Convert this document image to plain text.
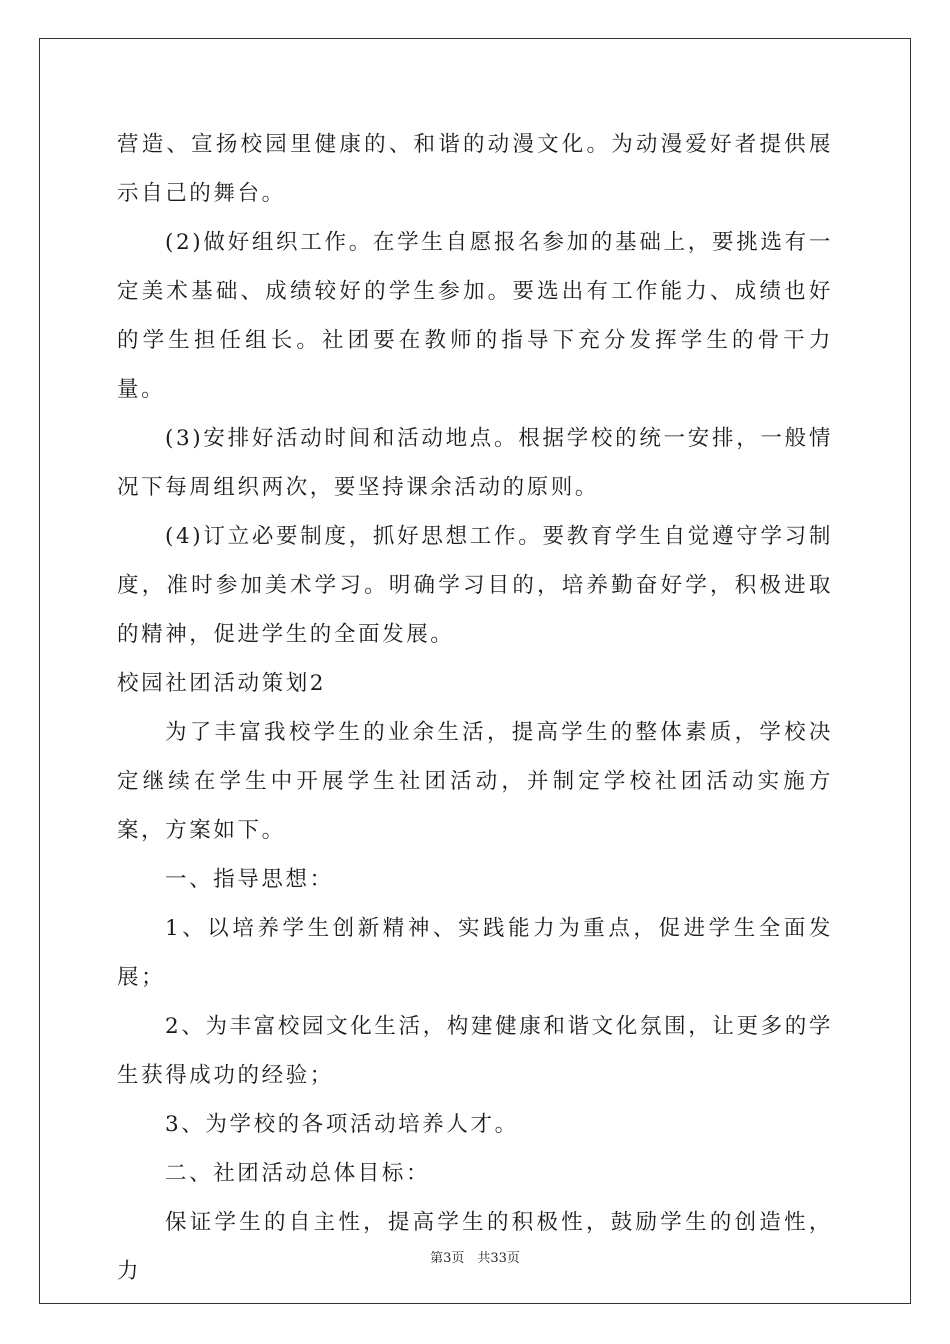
营造、宣扬校园里健康的、和谐的动漫文化。为动漫爱好者提供展示自己的舞台。

(2)做好组织工作。在学生自愿报名参加的基础上，要挑选有一定美术基础、成绩较好的学生参加。要选出有工作能力、成绩也好的学生担任组长。社团要在教师的指导下充分发挥学生的骨干力量。

(3)安排好活动时间和活动地点。根据学校的统一安排，一般情况下每周组织两次，要坚持课余活动的原则。

(4)订立必要制度，抓好思想工作。要教育学生自觉遵守学习制度，准时参加美术学习。明确学习目的，培养勤奋好学，积极进取的精神，促进学生的全面发展。

校园社团活动策划2

为了丰富我校学生的业余生活，提高学生的整体素质，学校决定继续在学生中开展学生社团活动，并制定学校社团活动实施方案，方案如下。

一、指导思想：

1、以培养学生创新精神、实践能力为重点，促进学生全面发展；

2、为丰富校园文化生活，构建健康和谐文化氛围，让更多的学生获得成功的经验；

3、为学校的各项活动培养人才。

二、社团活动总体目标：

保证学生的自主性，提高学生的积极性，鼓励学生的创造性，力

第3页　共33页
